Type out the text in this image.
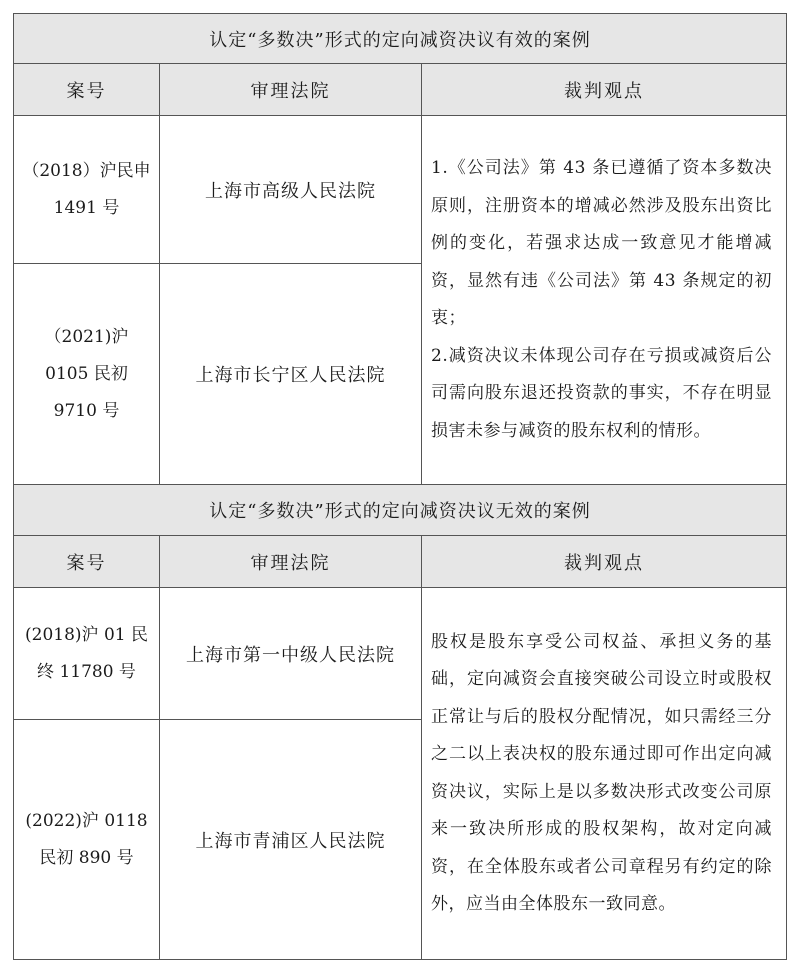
认定“多数决”形式的定向减资决议有效的案例		
案号	审理法院	裁判观点
（2018）沪民申 1491 号	上海市高级人民法院	1.《公司法》第 43 条已遵循了资本多数决原则，注册资本的增减必然涉及股东出资比例的变化，若强求达成一致意见才能增减资，显然有违《公司法》第 43 条规定的初衷；

2.减资决议未体现公司存在亏损或减资后公司需向股东退还投资款的事实，不存在明显损害未参与减资的股东权利的情形。

（2021)沪 0105 民初 9710 号	上海市长宁区人民法院	
认定“多数决”形式的定向减资决议无效的案例		
案号	审理法院	裁判观点
(2018)沪 01 民终 11780 号	上海市第一中级人民法院	股权是股东享受公司权益、承担义务的基础，定向减资会直接突破公司设立时或股权正常让与后的股权分配情况，如只需经三分之二以上表决权的股东通过即可作出定向减资决议，实际上是以多数决形式改变公司原来一致决所形成的股权架构，故对定向减资，在全体股东或者公司章程另有约定的除外，应当由全体股东一致同意。

(2022)沪 0118 民初 890 号	上海市青浦区人民法院	
